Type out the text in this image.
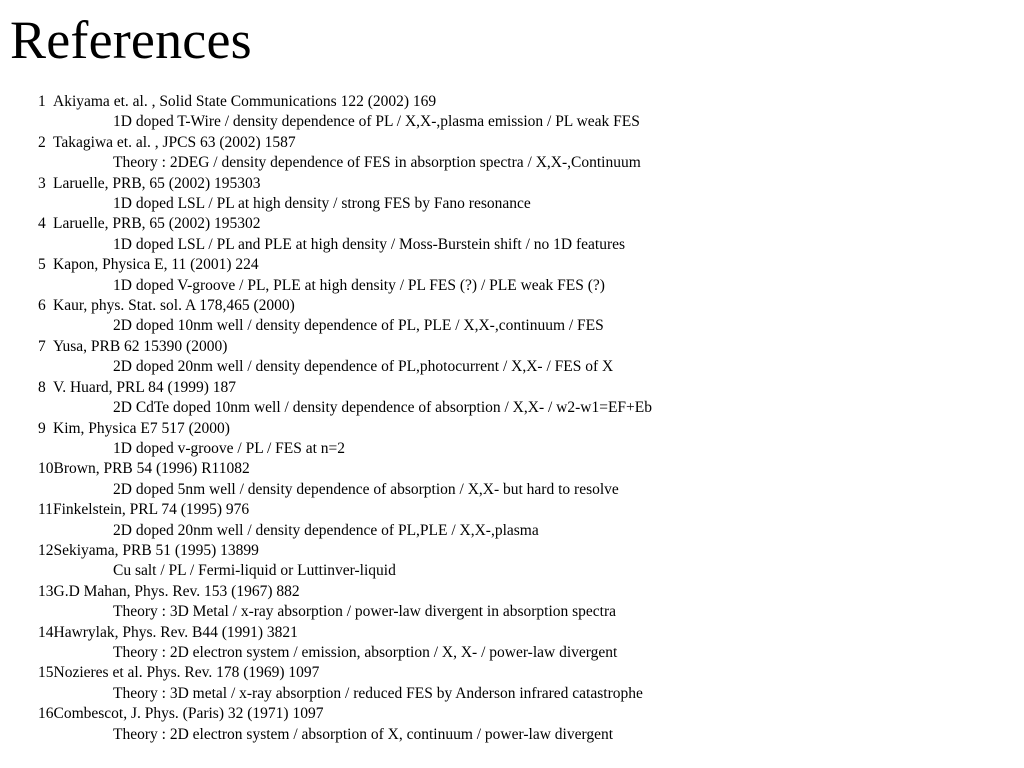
References
1 Akiyama et. al. , Solid State Communications 122 (2002) 169
1D doped T-Wire / density dependence of PL / X,X-,plasma emission / PL weak FES
2 Takagiwa et. al. , JPCS 63 (2002) 1587
Theory : 2DEG / density dependence of FES in absorption spectra / X,X-,Continuum
3 Laruelle, PRB, 65 (2002) 195303
1D doped LSL / PL at high density / strong FES by Fano resonance
4 Laruelle, PRB, 65 (2002) 195302
1D doped LSL / PL and PLE at high density / Moss-Burstein shift / no 1D features
5 Kapon, Physica E, 11 (2001) 224
1D doped V-groove / PL, PLE at high density / PL FES (?) / PLE weak FES (?)
6 Kaur, phys. Stat. sol. A 178,465 (2000)
2D doped 10nm well / density dependence of PL, PLE / X,X-,continuum / FES
7 Yusa, PRB 62 15390 (2000)
2D doped 20nm well / density dependence of PL,photocurrent / X,X- / FES of X
8 V. Huard, PRL 84 (1999) 187
2D CdTe doped 10nm well / density dependence of absorption / X,X- / w2-w1=EF+Eb
9 Kim, Physica E7 517 (2000)
1D doped v-groove / PL / FES at n=2
10Brown, PRB 54 (1996) R11082
2D doped 5nm well / density dependence of absorption / X,X- but hard to resolve
11Finkelstein, PRL 74 (1995) 976
2D doped 20nm well / density dependence of PL,PLE / X,X-,plasma
12Sekiyama, PRB 51 (1995) 13899
Cu salt / PL / Fermi-liquid or Luttinver-liquid
13G.D Mahan, Phys. Rev. 153 (1967) 882
Theory : 3D Metal / x-ray absorption / power-law divergent in absorption spectra
14Hawrylak, Phys. Rev. B44 (1991) 3821
Theory : 2D electron system / emission, absorption / X, X- / power-law divergent
15Nozieres et al. Phys. Rev. 178 (1969) 1097
Theory : 3D metal / x-ray absorption / reduced FES by Anderson infrared catastrophe
16Combescot, J. Phys. (Paris) 32 (1971) 1097
Theory : 2D electron system / absorption of X, continuum / power-law divergent
